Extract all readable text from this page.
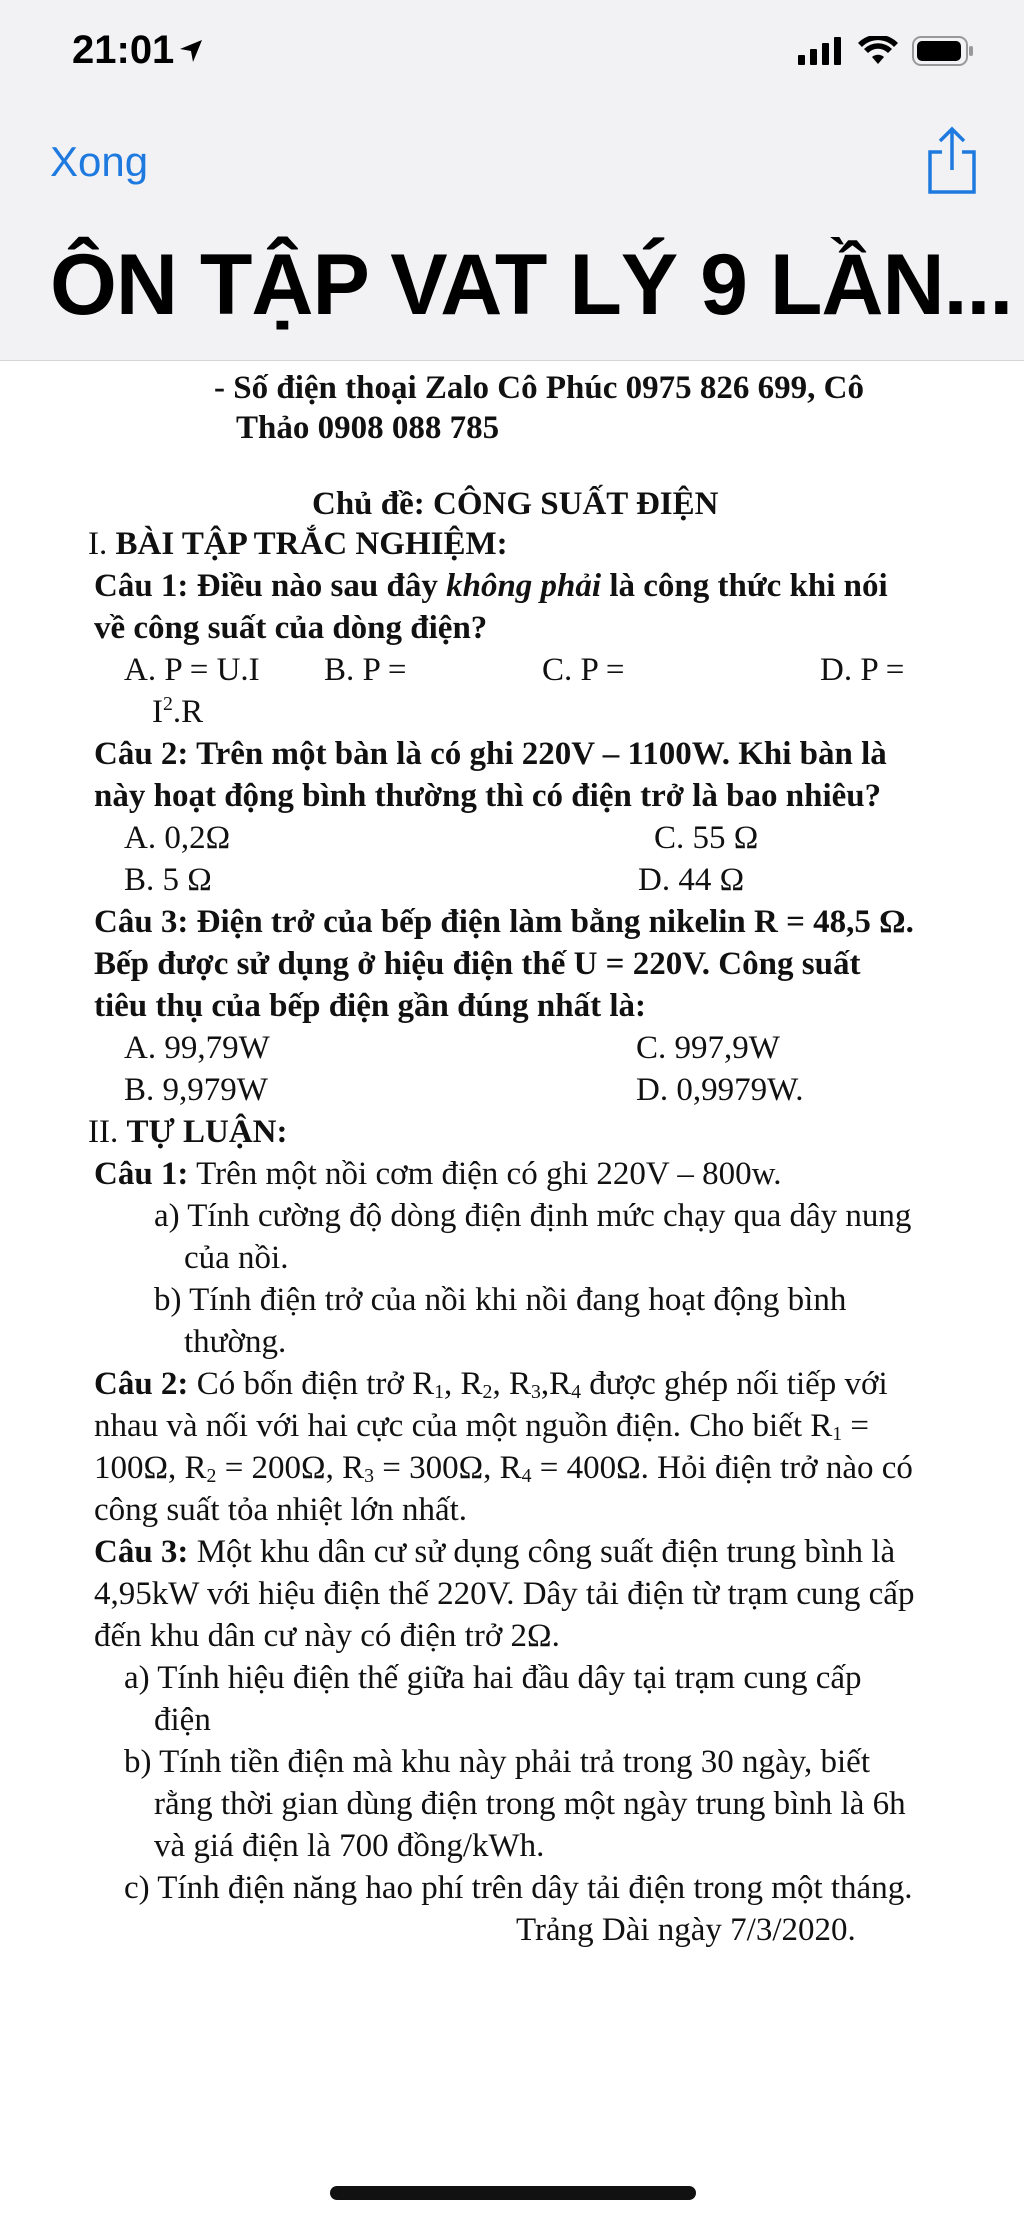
21:01
Xong
ÔN TẬP VAT LÝ 9 LẦN...
- Số điện thoại Zalo Cô Phúc 0975 826 699, Cô
Thảo 0908 088 785
Chủ đề: CÔNG SUẤT ĐIỆN
I. BÀI TẬP TRẮC NGHIỆM:
Câu 1: Điều nào sau đây không phải là công thức khi nói
về công suất của dòng điện?
A. P = U.I B. P =	C. P =	D. P =
$I^2.R$
Câu 2: Trên một bàn là có ghi 220V – 1100W. Khi bàn là
này hoạt động bình thường thì có điện trở là bao nhiêu?
A. 0,2Ω	C. 55 Ω
B. 5 Ω	D. 44 Ω
Câu 3: Điện trở của bếp điện làm bằng nikelin R = 48,5 Ω.
Bếp được sử dụng ở hiệu điện thế U = 220V. Công suất
tiêu thụ của bếp điện gần đúng nhất là:
A. 99,79W	C. 997,9W
B. 9,979W	D. 0,9979W.
II. TỰ LUẬN:
Câu 1: Trên một nồi cơm điện có ghi 220V – 800w.
a) Tính cường độ dòng điện định mức chạy qua dây nung
của nồi.
b) Tính điện trở của nồi khi nồi đang hoạt động bình
thường.
Câu 2: Có bốn điện trở $R_1$, $R_2$, $R_3,R_4$ được ghép nối tiếp với
nhau và nối với hai cực của một nguồn điện. Cho biết $R_1$ =
100Ω, $R_2 = 200\Omega$, $R_3 = 300\Omega$, $R_4 = 400\Omega$. Hỏi điện trở nào có
công suất tỏa nhiệt lớn nhất.
Câu 3: Một khu dân cư sử dụng công suất điện trung bình là
4,95kW với hiệu điện thế 220V. Dây tải điện từ trạm cung cấp
đến khu dân cư này có điện trở 2Ω.
a) Tính hiệu điện thế giữa hai đầu dây tại trạm cung cấp
điện
b) Tính tiền điện mà khu này phải trả trong 30 ngày, biết
rằng thời gian dùng điện trong một ngày trung bình là 6h
và giá điện là 700 đồng/kWh.
c) Tính điện năng hao phí trên dây tải điện trong một tháng.
Trảng Dài ngày 7/3/2020.
